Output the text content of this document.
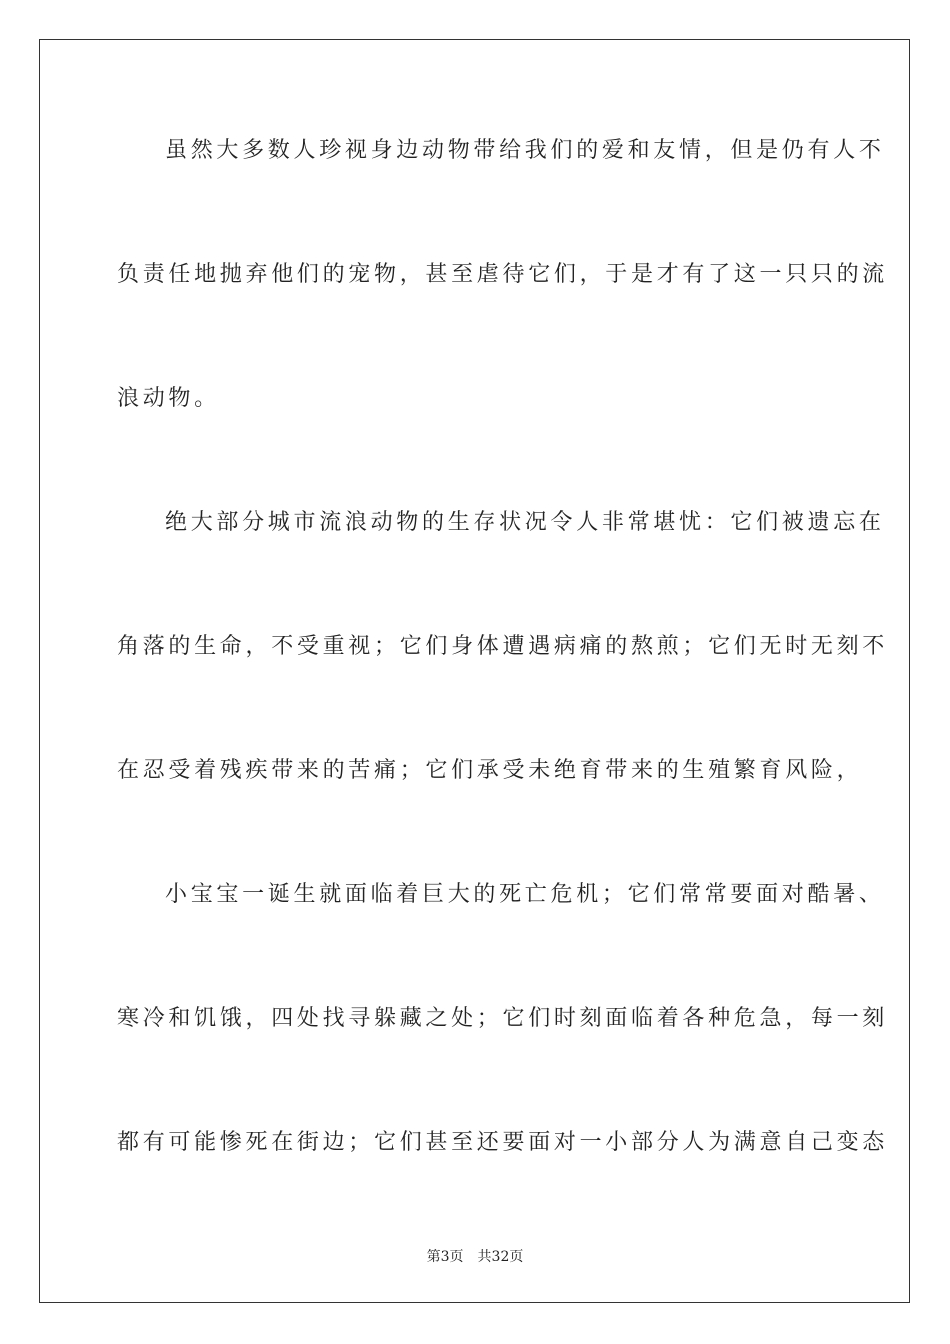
虽然大多数人珍视身边动物带给我们的爱和友情，但是仍有人不
负责任地抛弃他们的宠物，甚至虐待它们，于是才有了这一只只的流
浪动物。
绝大部分城市流浪动物的生存状况令人非常堪忧：它们被遗忘在
角落的生命，不受重视；它们身体遭遇病痛的熬煎；它们无时无刻不
在忍受着残疾带来的苦痛；它们承受未绝育带来的生殖繁育风险，
小宝宝一诞生就面临着巨大的死亡危机；它们常常要面对酷暑、
寒冷和饥饿，四处找寻躲藏之处；它们时刻面临着各种危急，每一刻
都有可能惨死在街边；它们甚至还要面对一小部分人为满意自己变态
第3页 共32页
